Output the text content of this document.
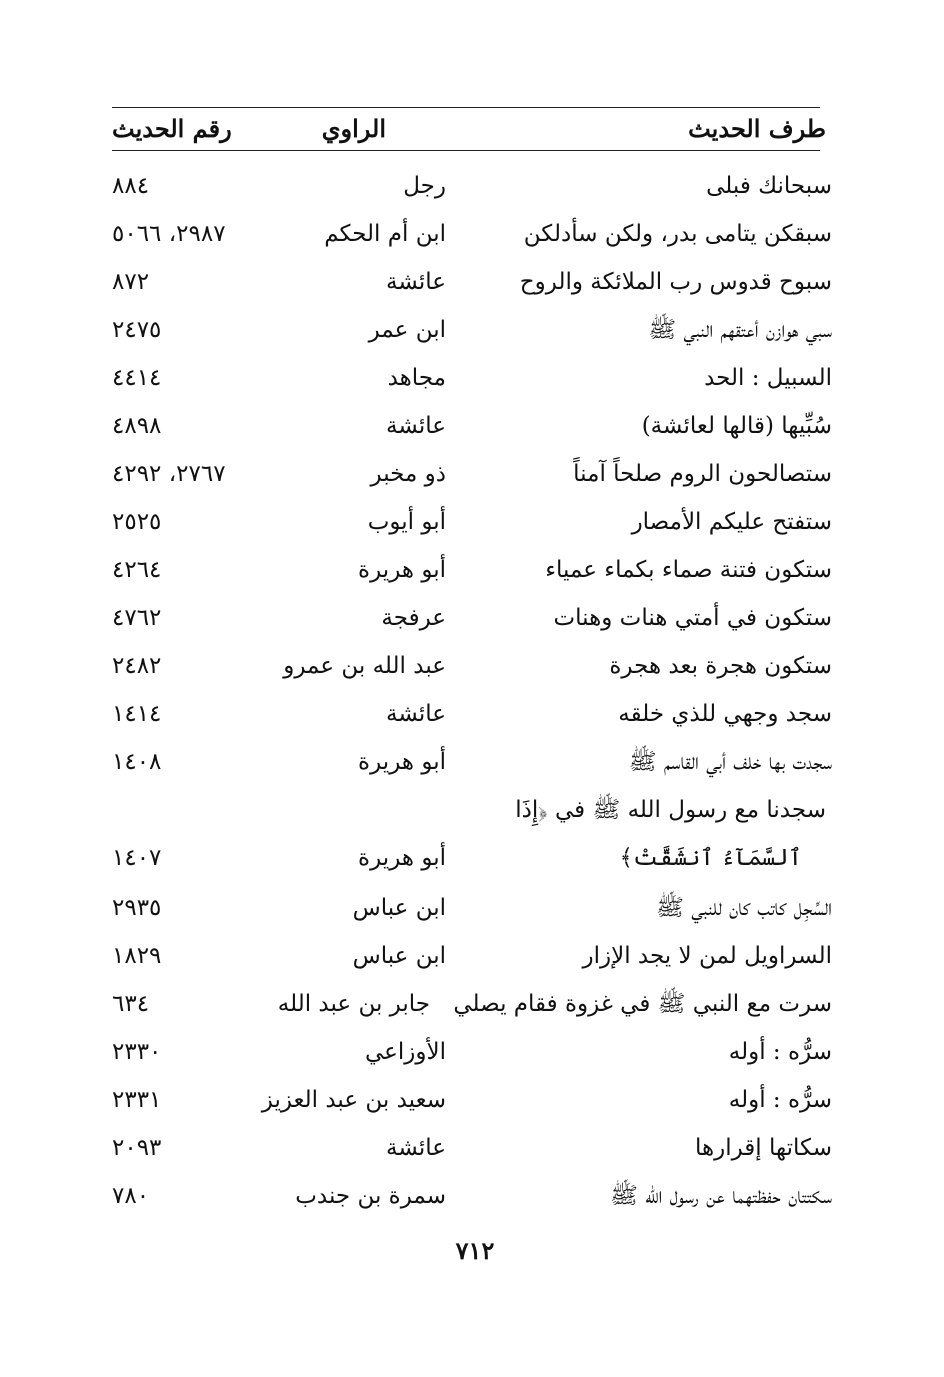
طرف الحديث
الراوي
رقم الحديث
سبحانك فبلى
رجل
٨٨٤
سبقكن يتامى بدر، ولكن سأدلكن
ابن أم الحكم
٢٩٨٧، ٥٠٦٦
سبوح قدوس رب الملائكة والروح
عائشة
٨٧٢
سبي هوازن أعتقهم النبي ﷺ
ابن عمر
٢٤٧٥
السبيل : الحد
مجاهد
٤٤١٤
سُبِّيها (قالها لعائشة)
عائشة
٤٨٩٨
ستصالحون الروم صلحاً آمناً
ذو مخبر
٢٧٦٧، ٤٢٩٢
ستفتح عليكم الأمصار
أبو أيوب
٢٥٢٥
ستكون فتنة صماء بكماء عمياء
أبو هريرة
٤٢٦٤
ستكون في أمتي هنات وهنات
عرفجة
٤٧٦٢
ستكون هجرة بعد هجرة
عبد الله بن عمرو
٢٤٨٢
سجد وجهي للذي خلقه
عائشة
١٤١٤
سجدت بها خلف أبي القاسم ﷺ
أبو هريرة
١٤٠٨
سجدنا مع رسول الله ﷺ في ﴿إِذَا
ٱلسَّمَآءُ ٱنشَقَّتْ﴾
أبو هريرة
١٤٠٧
السِّجِل كاتب كان للنبي ﷺ
ابن عباس
٢٩٣٥
السراويل لمن لا يجد الإزار
ابن عباس
١٨٢٩
سرت مع النبي ﷺ في غزوة فقام يصلي
جابر بن عبد الله
٦٣٤
سرُّه : أوله
الأوزاعي
٢٣٣٠
سرُّه : أوله
سعيد بن عبد العزيز
٢٣٣١
سكاتها إقرارها
عائشة
٢٠٩٣
سكتتان حفظتهما عن رسول الله ﷺ
سمرة بن جندب
٧٨٠
٧١٢
